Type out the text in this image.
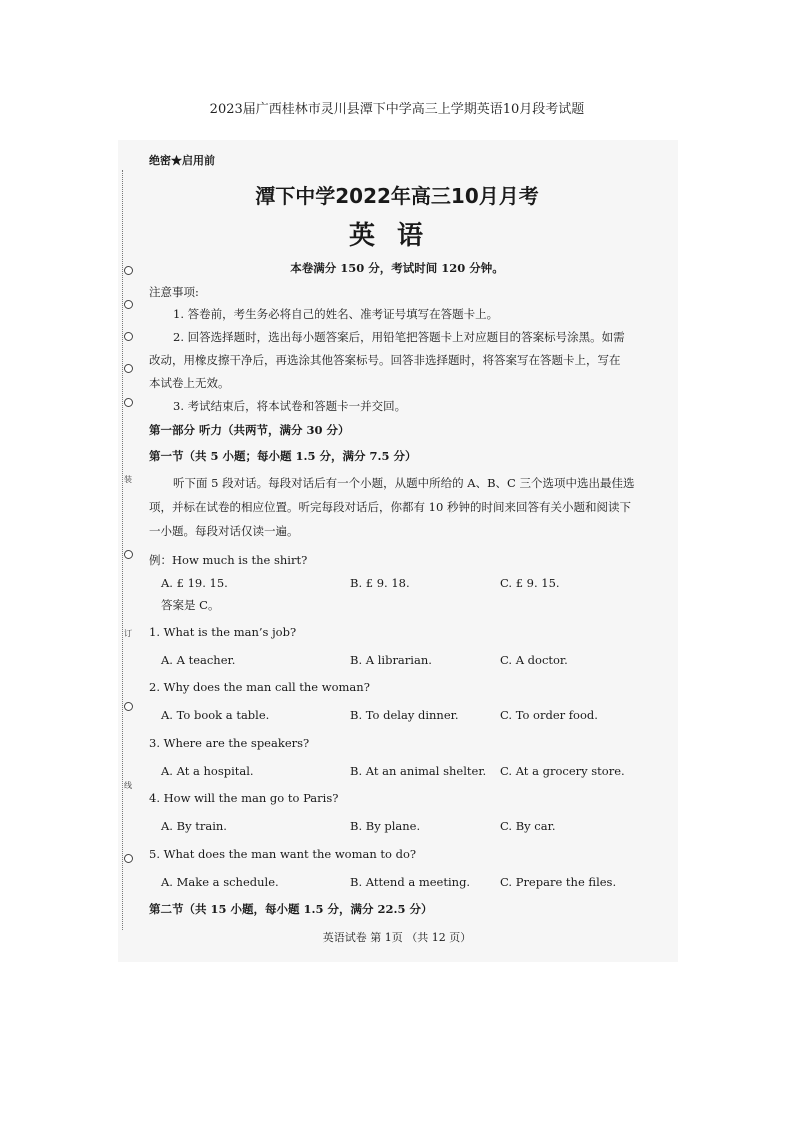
2023届广西桂林市灵川县潭下中学高三上学期英语10月段考试题
装
订
线
绝密★启用前
潭下中学2022年高三10月月考
英语
本卷满分 150 分，考试时间 120 分钟。
注意事项:
1. 答卷前，考生务必将自己的姓名、准考证号填写在答题卡上。
2. 回答选择题时，选出每小题答案后，用铅笔把答题卡上对应题目的答案标号涂黑。如需
改动，用橡皮擦干净后，再选涂其他答案标号。回答非选择题时，将答案写在答题卡上，写在
本试卷上无效。
3. 考试结束后，将本试卷和答题卡一并交回。
第一部分 听力（共两节，满分 30 分）
第一节（共 5 小题；每小题 1.5 分，满分 7.5 分）
听下面 5 段对话。每段对话后有一个小题，从题中所给的 A、B、C 三个选项中选出最佳选
项，并标在试卷的相应位置。听完每段对话后，你都有 10 秒钟的时间来回答有关小题和阅读下
一小题。每段对话仅读一遍。
例：How much is the shirt?
A. £ 19. 15.	B. £ 9. 18.	C. £ 9. 15.
答案是 C。
1. What is the man’s job?
A. A teacher.	B. A librarian.	C. A doctor.
2. Why does the man call the woman?
A. To book a table.	B. To delay dinner.	C. To order food.
3. Where are the speakers?
A. At a hospital.	B. At an animal shelter. C. At a grocery store.
4. How will the man go to Paris?
A. By train.	B. By plane.	C. By car.
5. What does the man want the woman to do?
A. Make a schedule.	B. Attend a meeting.	C. Prepare the files.
第二节（共 15 小题，每小题 1.5 分，满分 22.5 分）
英语试卷 第 1页 （共 12 页）
